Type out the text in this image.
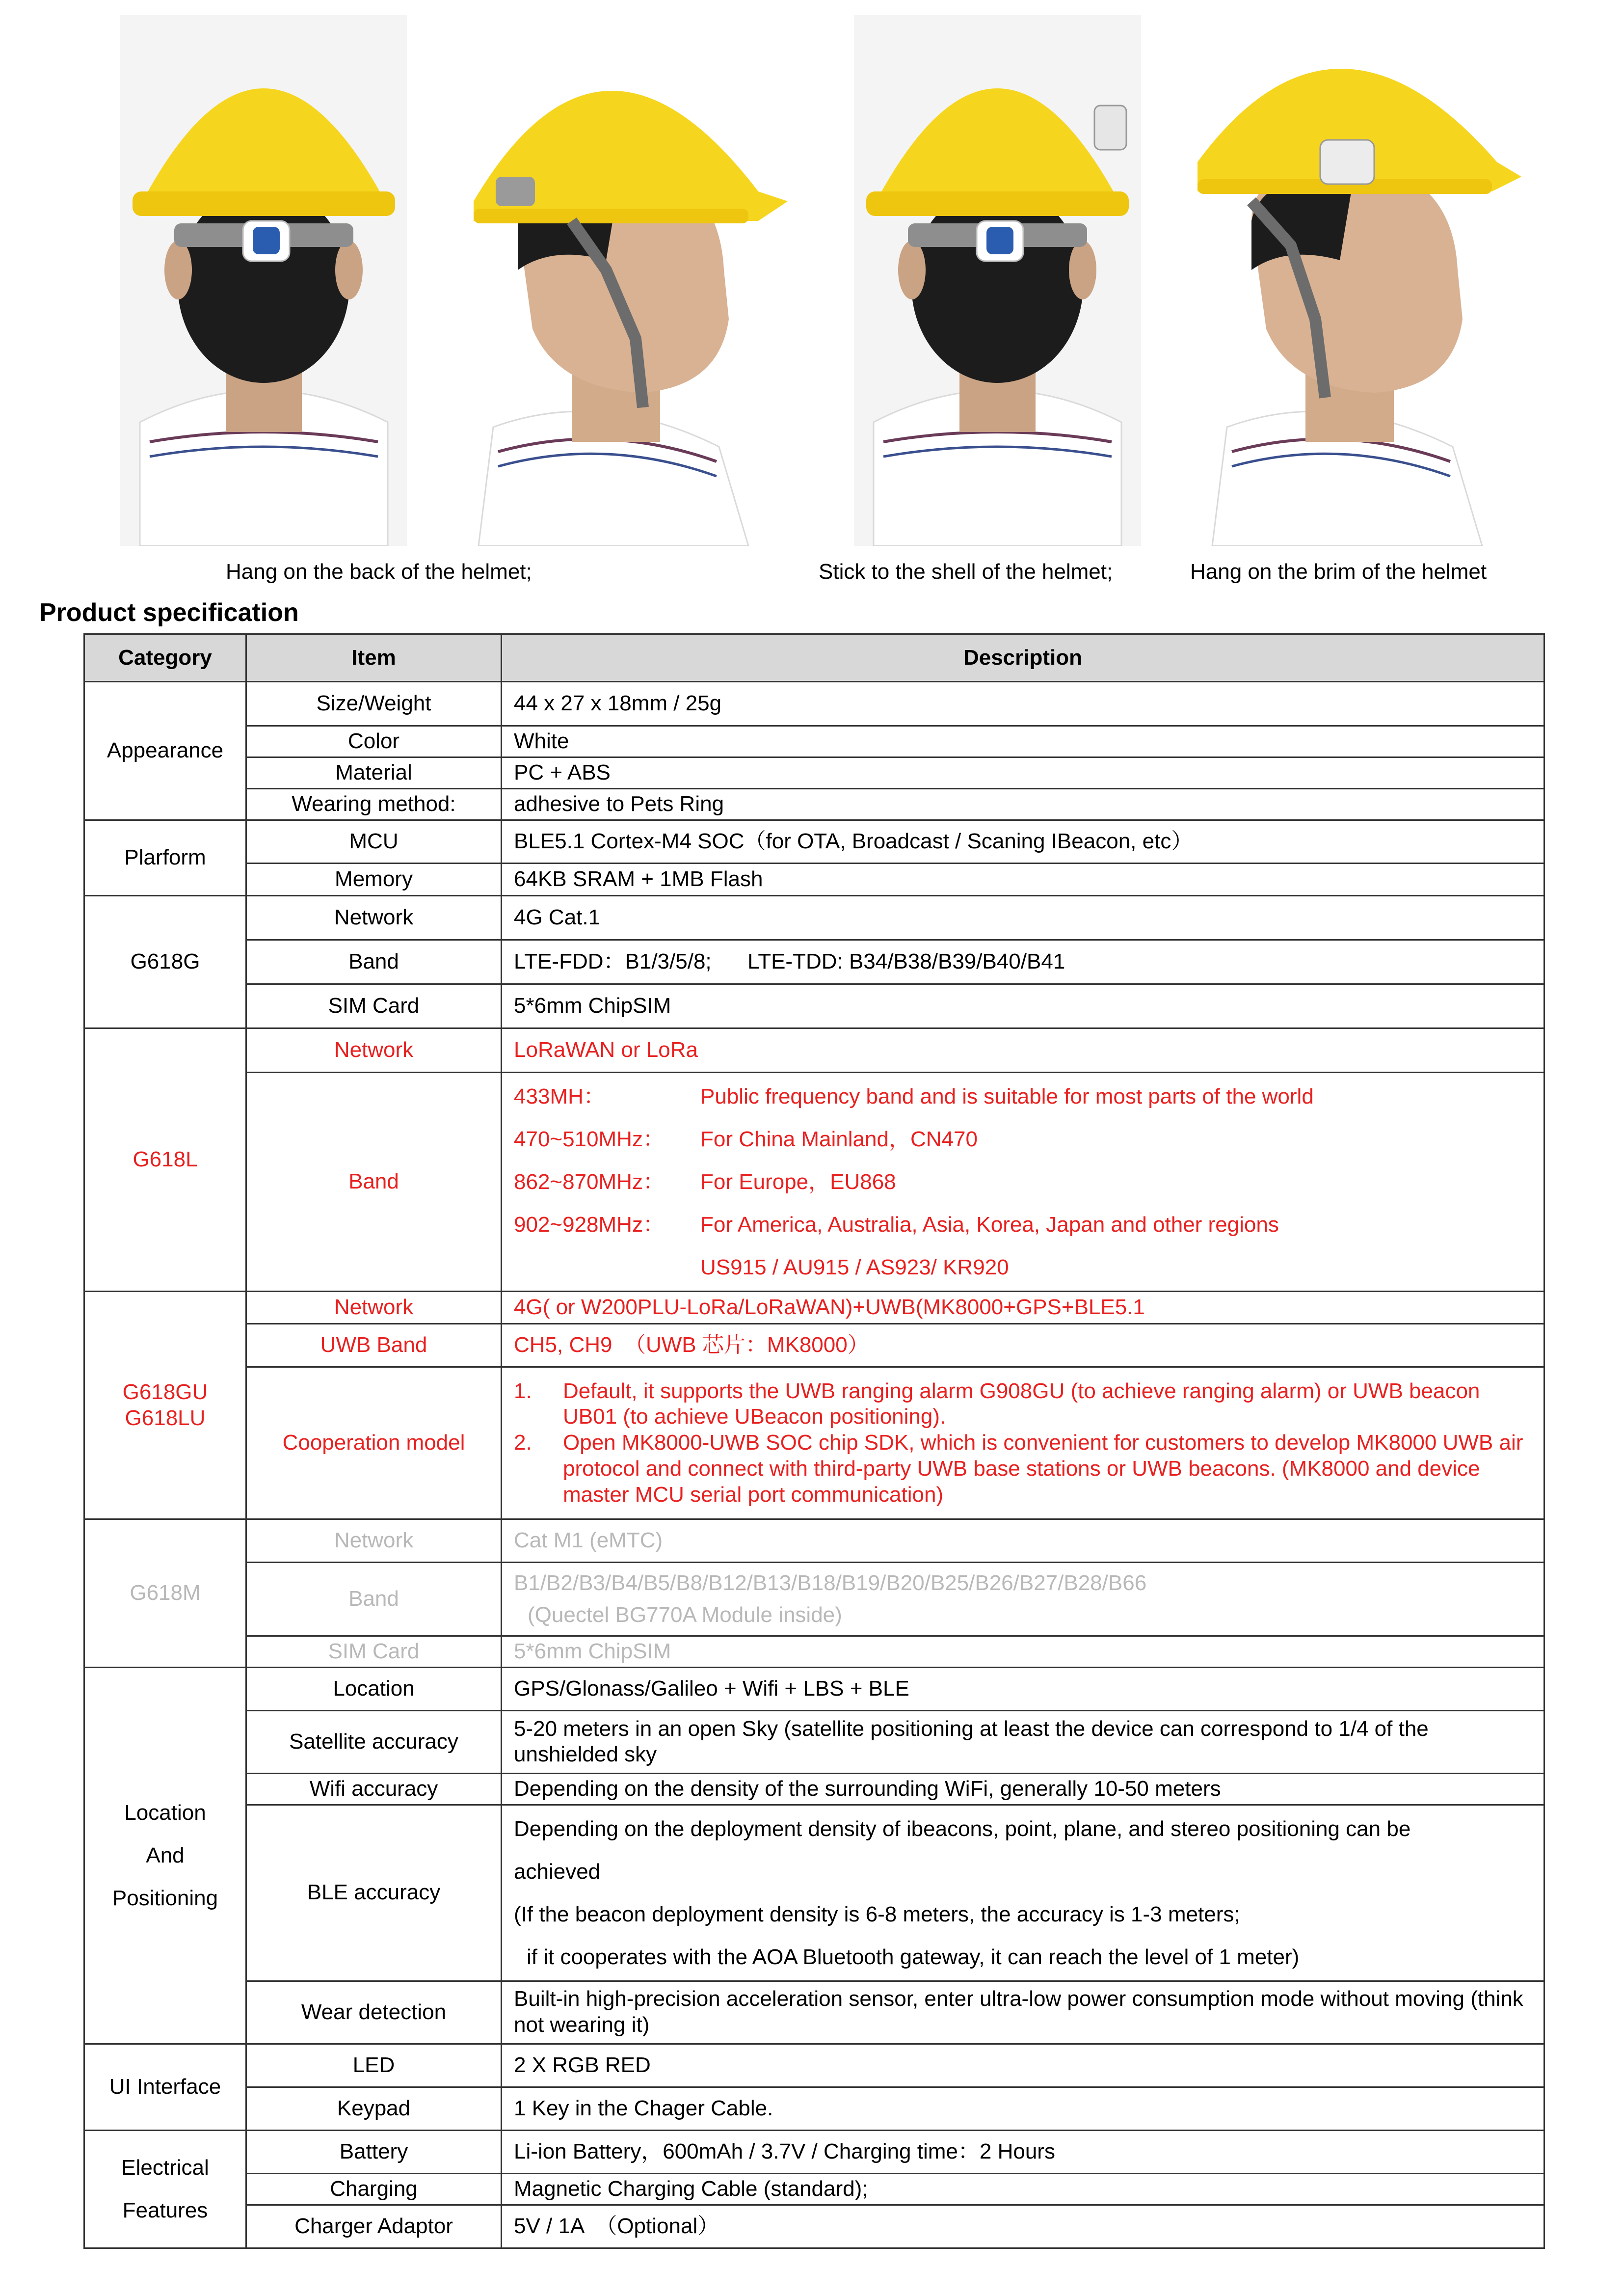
Hang on the back of the helmet;	Stick to the shell of the helmet;	Hang on the brim of the helmet
Product specification
Category	Item	Description
Appearance	Size/Weight	44 x 27 x 18mm / 25g
	Color	White
	Material	PC + ABS
	Wearing method:	adhesive to Pets Ring
Plarform	MCU	BLE5.1 Cortex-M4 SOC（for OTA, Broadcast / Scaning IBeacon, etc）
	Memory	64KB SRAM + 1MB Flash
G618G	Network	4G Cat.1
	Band	LTE-FDD：B1/3/5/8;      LTE-TDD: B34/B38/B39/B40/B41
	SIM Card	5*6mm ChipSIM
G618L	Network	LoRaWAN or LoRa
	Band	433MH： Public frequency band and is suitable for most parts of the world
470~510MHz： For China Mainland，CN470
862~870MHz： For Europe，EU868
902~928MHz： For America, Australia, Asia, Korea, Japan and other regions
US915 / AU915 / AS923/ KR920

G618GU
G618LU	Network	4G( or W200PLU-LoRa/LoRaWAN)+UWB(MK8000+GPS+BLE5.1
	UWB Band	CH5, CH9  （UWB 芯片：MK8000）
	Cooperation model	1. Default, it supports the UWB ranging alarm G908GU (to achieve ranging alarm) or UWB beacon UB01 (to achieve UBeacon positioning).
2. Open MK8000-UWB SOC chip SDK, which is convenient for customers to develop MK8000 UWB air protocol and connect with third-party UWB base stations or UWB beacons. (MK8000 and device master MCU serial port communication)

G618M	Network	Cat M1 (eMTC)
	Band	B1/B2/B3/B4/B5/B8/B12/B13/B18/B19/B20/B25/B26/B27/B28/B66
(Quectel BG770A Module inside)

	SIM Card	5*6mm ChipSIM

Location
And
Positioning	Location	GPS/Glonass/Galileo + Wifi + LBS + BLE
	Satellite accuracy	5-20 meters in an open Sky (satellite positioning at least the device can correspond to 1/4 of the unshielded sky
	Wifi accuracy	Depending on the density of the surrounding WiFi, generally 10-50 meters
	BLE accuracy	Depending on the deployment density of ibeacons, point, plane, and stereo positioning can be
achieved
(If the beacon deployment density is 6-8 meters, the accuracy is 1-3 meters;
if it cooperates with the AOA Bluetooth gateway, it can reach the level of 1 meter)

	Wear detection	Built-in high-precision acceleration sensor, enter ultra-low power consumption mode without moving (think not wearing it)
UI Interface	LED	2 X RGB RED
	Keypad	1 Key in the Chager Cable.

Electrical
Features	Battery	Li-ion Battery，600mAh / 3.7V / Charging time：2 Hours
	Charging	Magnetic Charging Cable (standard);
	Charger Adaptor	5V / 1A  （Optional）
